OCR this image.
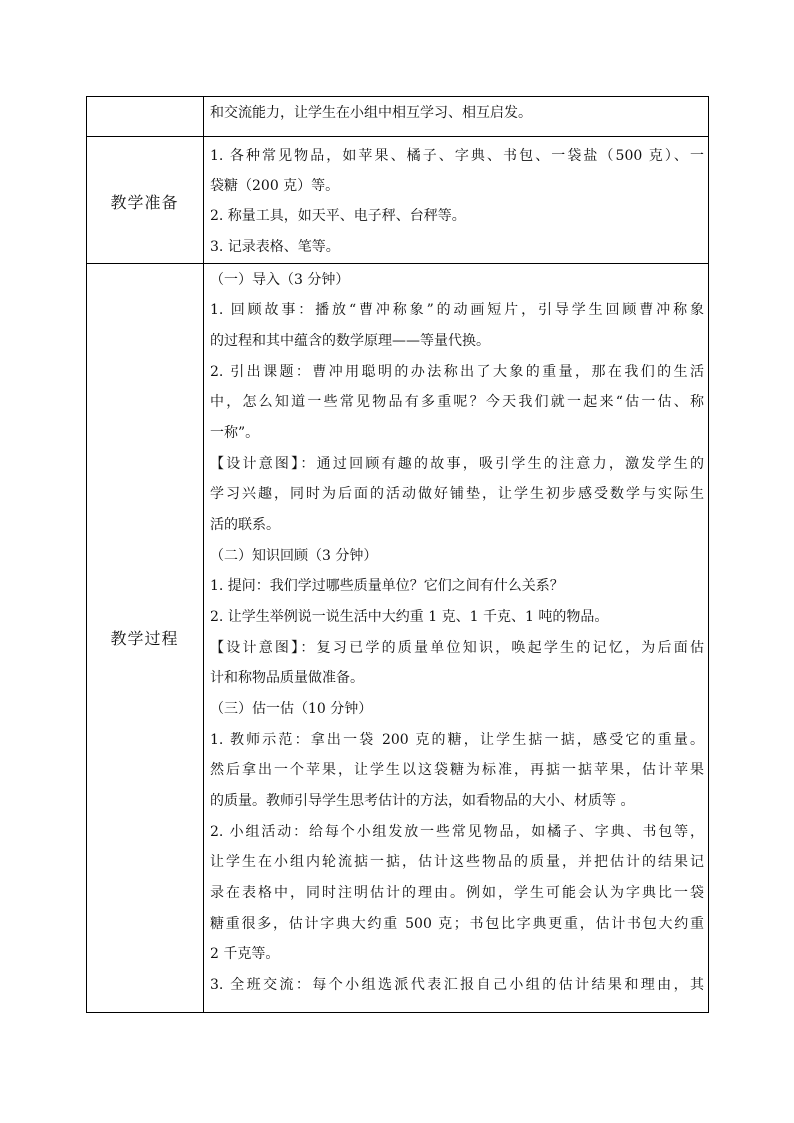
教学准备
教学过程
和交流能力，让学生在小组中相互学习、相互启发。
1. 各种常见物品，如苹果、橘子、字典、书包、一袋盐（500 克）、一
袋糖（200 克）等。
2. 称量工具，如天平、电子秤、台秤等。
3. 记录表格、笔等。
（一）导入（3 分钟）
1. 回顾故事：播放“曹冲称象”的动画短片，引导学生回顾曹冲称象
的过程和其中蕴含的数学原理——等量代换。
2. 引出课题：曹冲用聪明的办法称出了大象的重量，那在我们的生活
中，怎么知道一些常见物品有多重呢？今天我们就一起来“估一估、称
一称”。
【设计意图】：通过回顾有趣的故事，吸引学生的注意力，激发学生的
学习兴趣，同时为后面的活动做好铺垫，让学生初步感受数学与实际生
活的联系。
（二）知识回顾（3 分钟）
1. 提问：我们学过哪些质量单位？它们之间有什么关系？
2. 让学生举例说一说生活中大约重 1 克、1 千克、1 吨的物品。
【设计意图】：复习已学的质量单位知识，唤起学生的记忆，为后面估
计和称物品质量做准备。
（三）估一估（10 分钟）
1. 教师示范：拿出一袋 200 克的糖，让学生掂一掂，感受它的重量。
然后拿出一个苹果，让学生以这袋糖为标准，再掂一掂苹果，估计苹果
的质量。教师引导学生思考估计的方法，如看物品的大小、材质等 。
2. 小组活动：给每个小组发放一些常见物品，如橘子、字典、书包等，
让学生在小组内轮流掂一掂，估计这些物品的质量，并把估计的结果记
录在表格中，同时注明估计的理由。例如，学生可能会认为字典比一袋
糖重很多，估计字典大约重 500 克；书包比字典更重，估计书包大约重
2 千克等。
3. 全班交流：每个小组选派代表汇报自己小组的估计结果和理由，其
